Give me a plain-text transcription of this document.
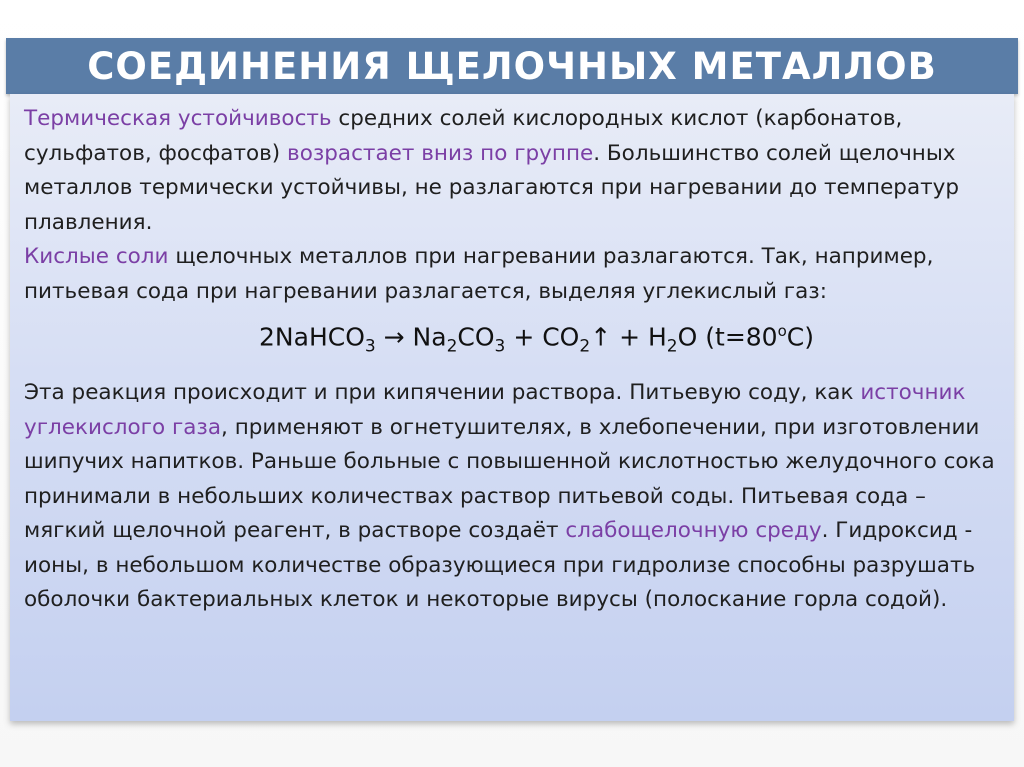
СОЕДИНЕНИЯ ЩЕЛОЧНЫХ МЕТАЛЛОВ

Термическая устойчивость средних солей кислородных кислот (карбонатов, сульфатов, фосфатов) возрастает вниз по группе. Большинство солей щелочных металлов термически устойчивы, не разлагаются при нагревании до температур плавления.

Кислые соли щелочных металлов при нагревании разлагаются. Так, например, питьевая сода при нагревании разлагается, выделяя углекислый газ:

2NaHCO$_3$ → $Na_2CO_3$ + $CO_2↑ + H_2O$ $(t=80^oC)$

Эта реакция происходит и при кипячении раствора. Питьевую соду, как источник углекислого газа, применяют в огнетушителях, в хлебопечении, при изготовлении шипучих напитков. Раньше больные с повышенной кислотностью желудочного сока принимали в небольших количествах раствор питьевой соды. Питьевая сода – мягкий щелочной реагент, в растворе создаёт слабощелочную среду. Гидроксид - ионы, в небольшом количестве образующиеся при гидролизе способны разрушать оболочки бактериальных клеток и некоторые вирусы (полоскание горла содой).
